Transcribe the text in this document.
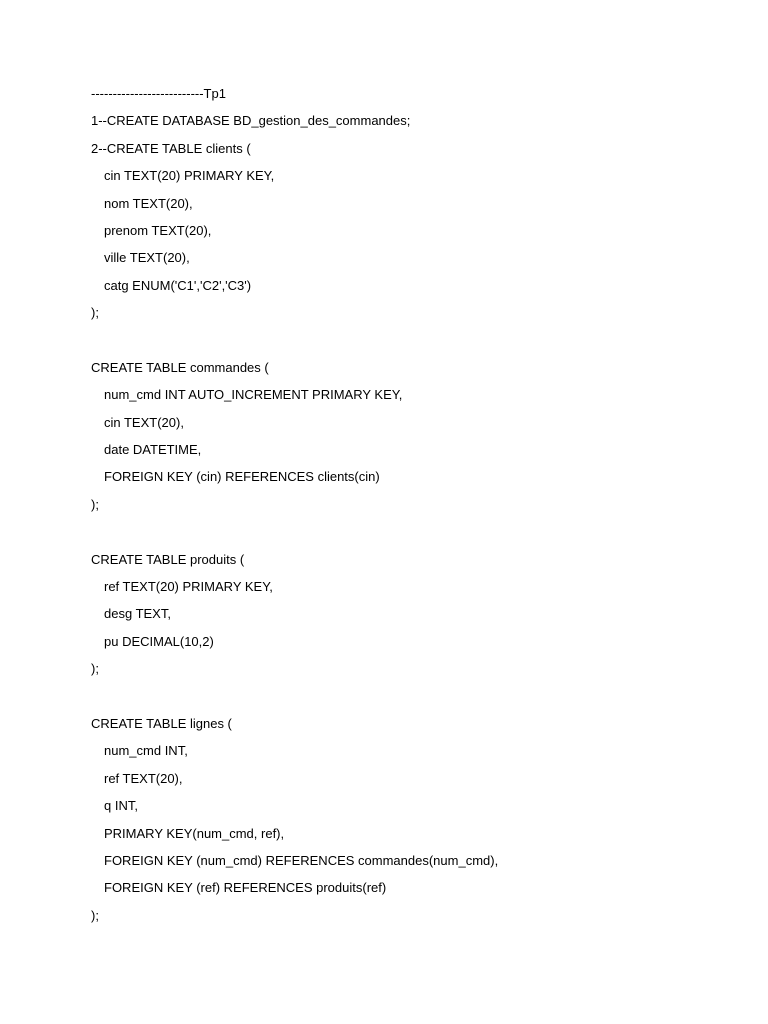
--------------------------Tp1

1--CREATE DATABASE BD_gestion_des_commandes;

2--CREATE TABLE clients (

cin TEXT(20) PRIMARY KEY,

nom TEXT(20),

prenom TEXT(20),

ville TEXT(20),

catg ENUM('C1','C2','C3')

);

CREATE TABLE commandes (

num_cmd INT AUTO_INCREMENT PRIMARY KEY,

cin TEXT(20),

date DATETIME,

FOREIGN KEY (cin) REFERENCES clients(cin)

);

CREATE TABLE produits (

ref TEXT(20) PRIMARY KEY,

desg TEXT,

pu DECIMAL(10,2)

);

CREATE TABLE lignes (

num_cmd INT,

ref TEXT(20),

q INT,

PRIMARY KEY(num_cmd, ref),

FOREIGN KEY (num_cmd) REFERENCES commandes(num_cmd),

FOREIGN KEY (ref) REFERENCES produits(ref)

);
